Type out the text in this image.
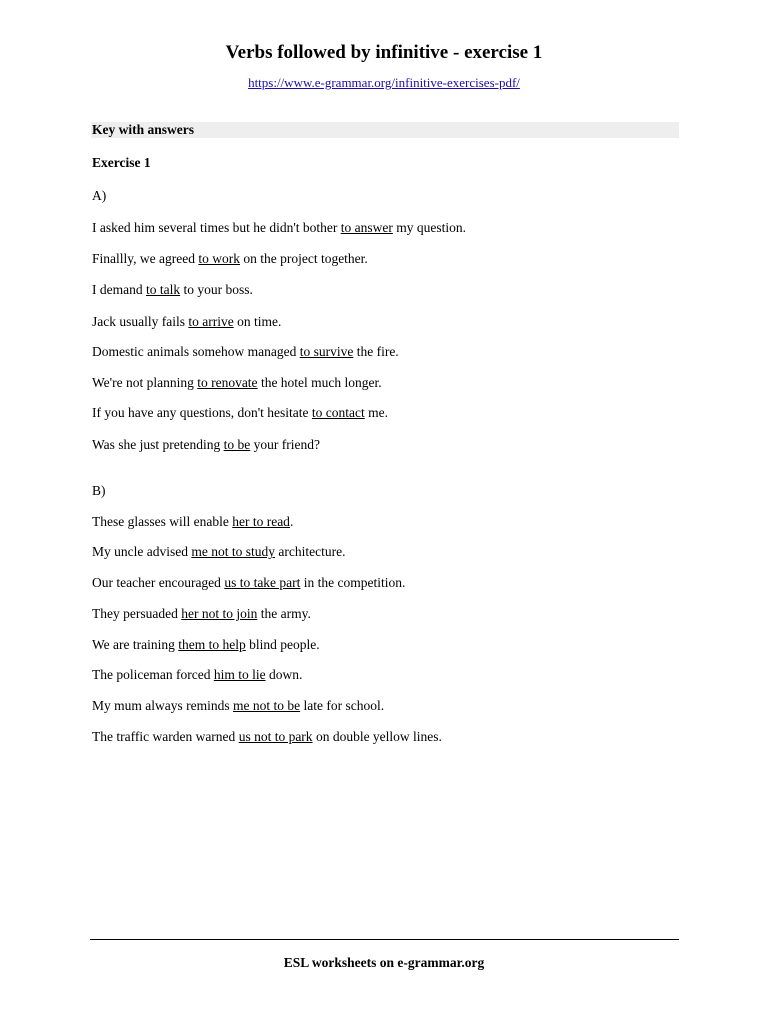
Verbs followed by infinitive - exercise 1
https://www.e-grammar.org/infinitive-exercises-pdf/
Key with answers
Exercise 1
A)
I asked him several times but he didn't bother to answer my question.
Finallly, we agreed to work on the project together.
I demand to talk to your boss.
Jack usually fails to arrive on time.
Domestic animals somehow managed to survive the fire.
We're not planning to renovate the hotel much longer.
If you have any questions, don't hesitate to contact me.
Was she just pretending to be your friend?
B)
These glasses will enable her to read.
My uncle advised me not to study architecture.
Our teacher encouraged us to take part in the competition.
They persuaded her not to join the army.
We are training them to help blind people.
The policeman forced him to lie down.
My mum always reminds me not to be late for school.
The traffic warden warned us not to park on double yellow lines.
ESL worksheets on e-grammar.org
